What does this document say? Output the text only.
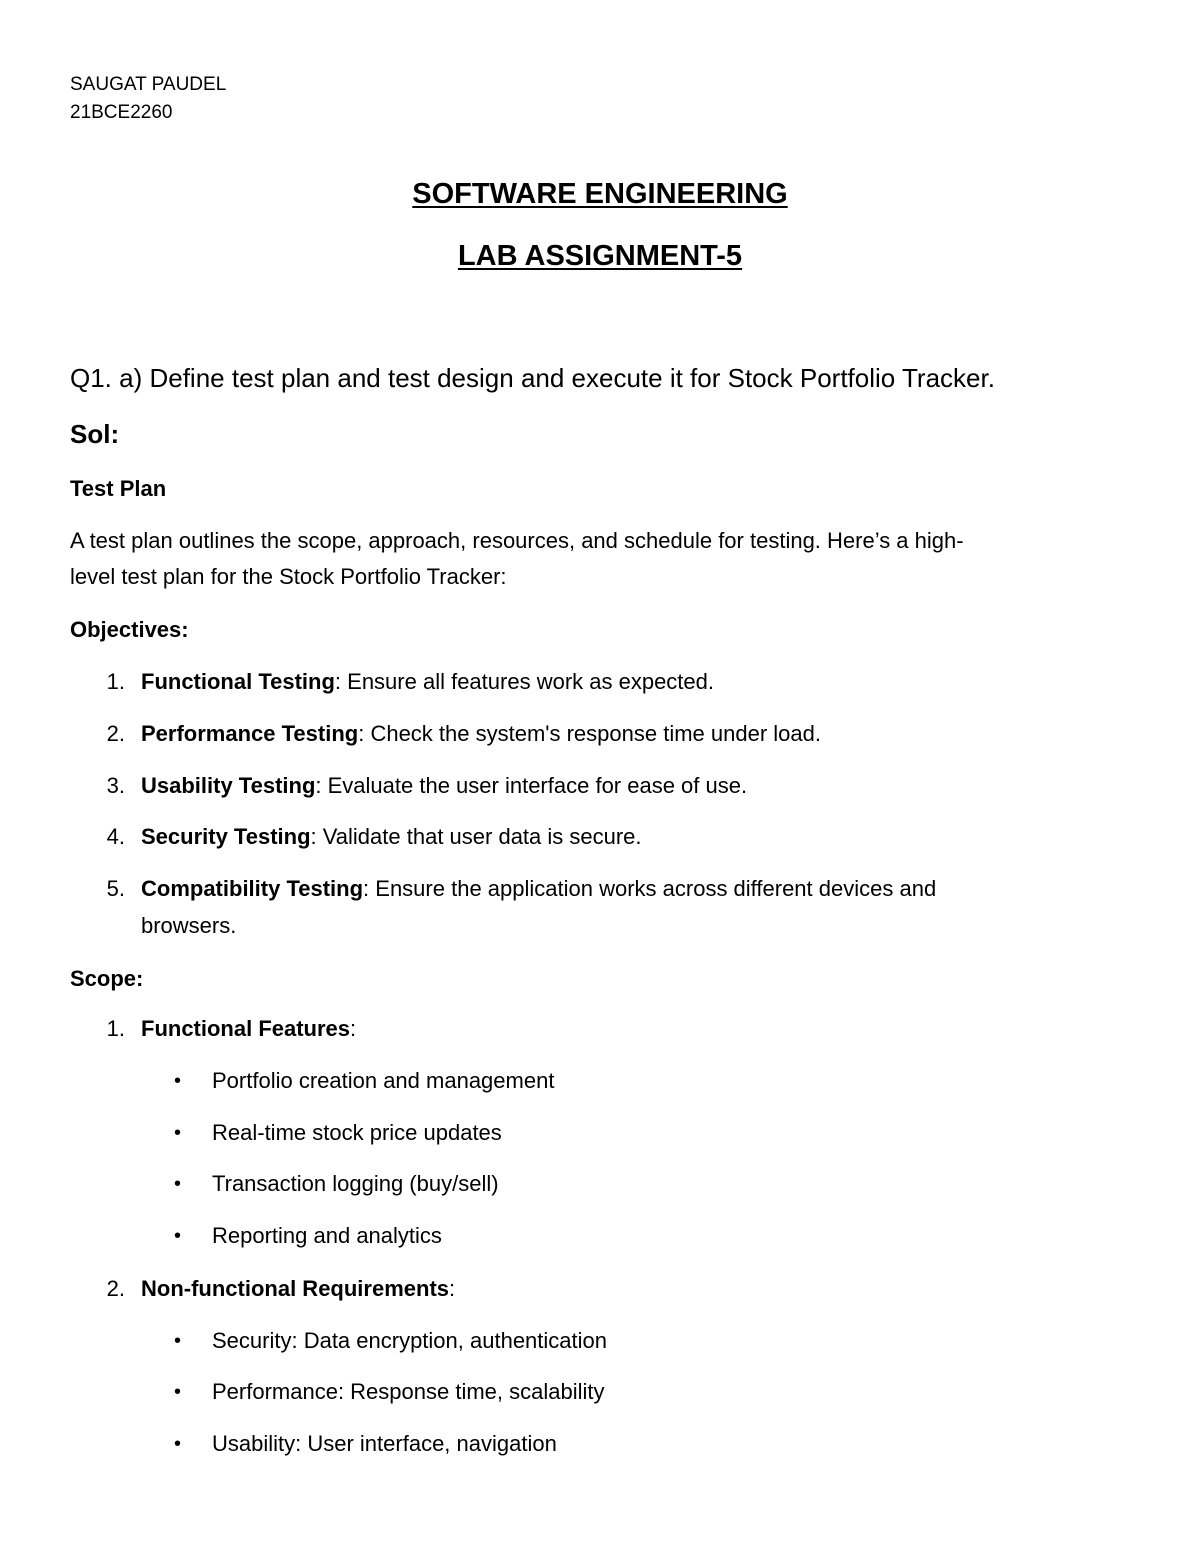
SAUGAT PAUDEL
21BCE2260
SOFTWARE ENGINEERING
LAB ASSIGNMENT-5
Q1. a) Define test plan and test design and execute it for Stock Portfolio Tracker.
Sol:
Test Plan
A test plan outlines the scope, approach, resources, and schedule for testing. Here’s a high-
level test plan for the Stock Portfolio Tracker:
Objectives:
1. Functional Testing: Ensure all features work as expected.
2. Performance Testing: Check the system's response time under load.
3. Usability Testing: Evaluate the user interface for ease of use.
4. Security Testing: Validate that user data is secure.
5. Compatibility Testing: Ensure the application works across different devices and
browsers.
Scope:
1. Functional Features:
• Portfolio creation and management
• Real-time stock price updates
• Transaction logging (buy/sell)
• Reporting and analytics
2. Non-functional Requirements:
• Security: Data encryption, authentication
• Performance: Response time, scalability
• Usability: User interface, navigation
